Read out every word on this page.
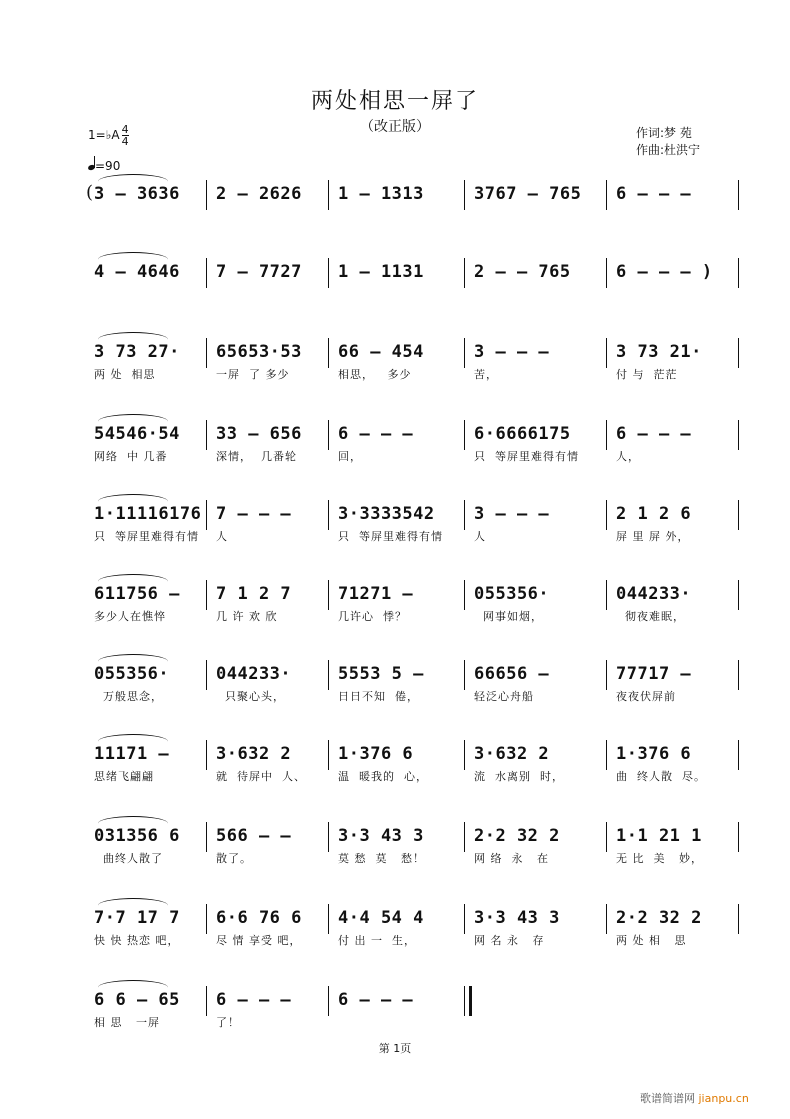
两处相思一屏了
（改正版）
1=♭A $\frac{4}{4}$
=90
作词:梦 苑
作曲:杜洪宁
3 – 3636 2 – 2626 1 – 1313	3767 – 765 6 – – –
4 – 4646 7 – 7727 1 – 1131	2 – – 765	6 – – – )
3 73 27·
两 处  相思
65653·53
一屏  了 多少
66 – 454
相思，   多少
3 – – –
苦，
3 73 21·
付 与  茫茫
54546·54
网络  中 几番
33 – 656
深情，  几番轮
6 – – –
回，
6·6666175
只  等屏里难得有情
6 – – –
人，
1·11116176
只  等屏里难得有情
7 – – –
人
3·3333542
只  等屏里难得有情
3 – – –
人
2 1 2 6
屏 里 屏 外，
611756 –
多少人在憔悴
7 1 2 7
几 许 欢 欣
71271 –
几许心  悸？
055356·
网事如烟，
044233·
彻夜难眠，
055356·
万般思念，
044233·
只聚心头，
5553 5 –
日日不知  倦，
66656 –
轻泛心舟船
77717 –
夜夜伏屏前
11171 –
思绪飞翩翩
3·632 2
就  待屏中  人、
1·376 6
温  暖我的  心，
3·632 2
流  水离别  时，
1·376 6
曲  终人散  尽。
031356 6
曲终人散了
566 – –
散了。
3·3 43 3
莫 愁  莫   愁！
2·2 32 2
网 络  永   在
1·1 21 1
无 比  美   妙，
7·7 17 7
快 快 热恋 吧，
6·6 76 6
尽 情 享受 吧，
4·4 54 4
付 出 一  生，
3·3 43 3
网 名 永   存
2·2 32 2
两 处 相   思
6 6 – 65
相 思   一屏
6 – – –
了！
6 – – –
(
第 1页
歌谱简谱网 jianpu.cn
